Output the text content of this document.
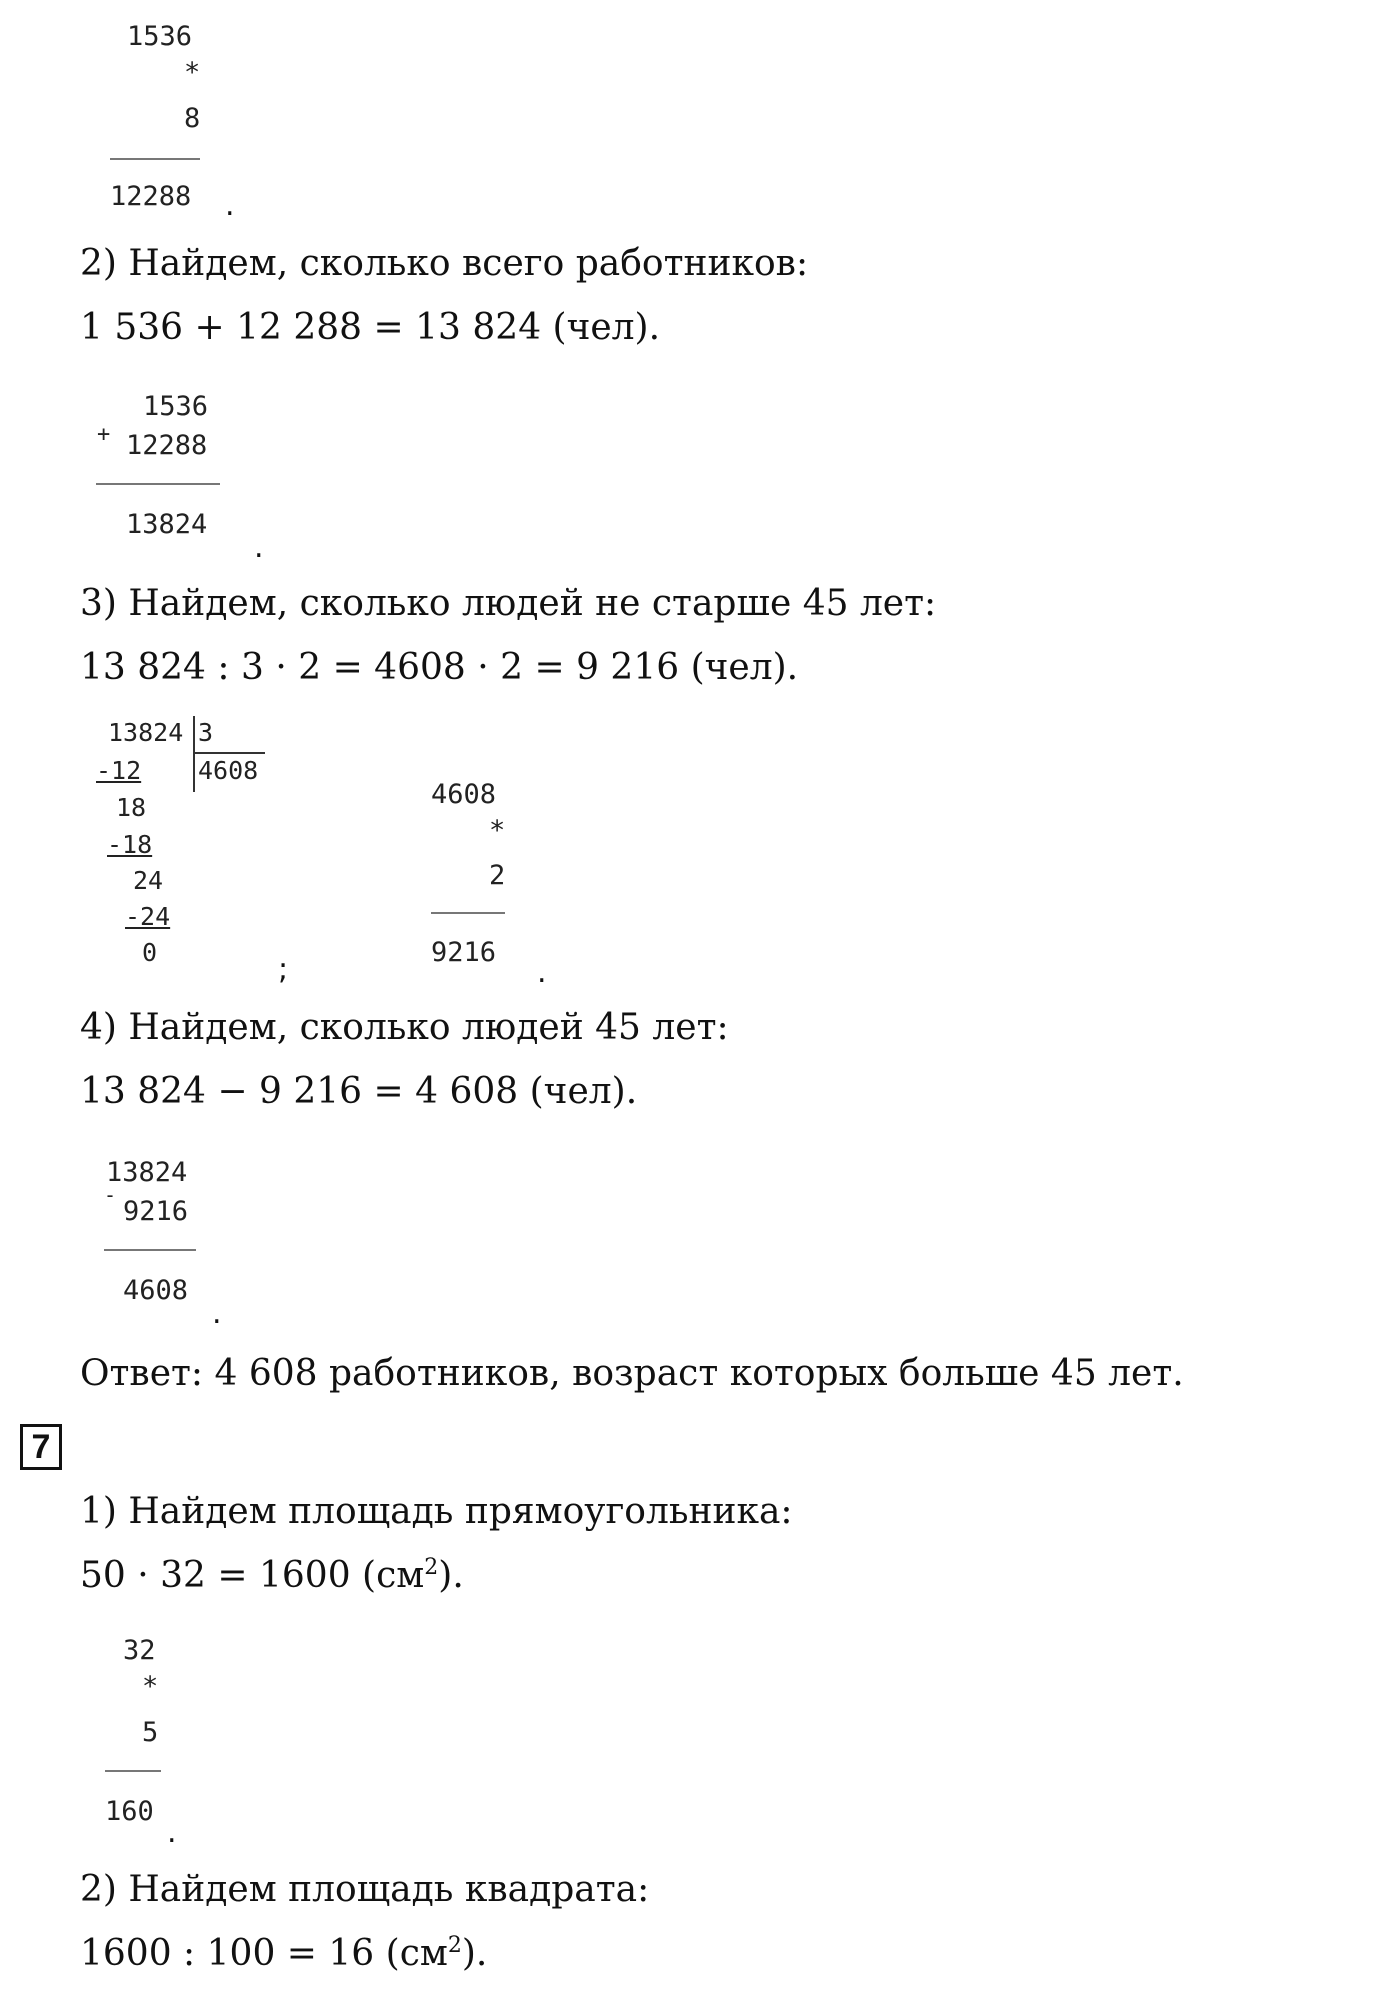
1536
*
8
12288 .
2) Найдем, сколько всего работников:
1 536 + 12 288 = 13 824 (чел).
+
1536
12288
13824
.
3) Найдем, сколько людей не старше 45 лет:
13 824 : 3 · 2 = 4608 · 2 = 9 216 (чел).
13824 3
4608
-12
18
-18
24
-24
0	;
4608
*
2
9216
.
4) Найдем, сколько людей 45 лет:
13 824 − 9 216 = 4 608 (чел).
-
13824
9216
4608
.
Ответ: 4 608 работников, возраст которых больше 45 лет.
7
1) Найдем площадь прямоугольника:
50 · 32 = 1600 $(см^2)$.
32
*
5
160
.
2) Найдем площадь квадрата:
1600 : 100 = 16 $(см^2)$.
